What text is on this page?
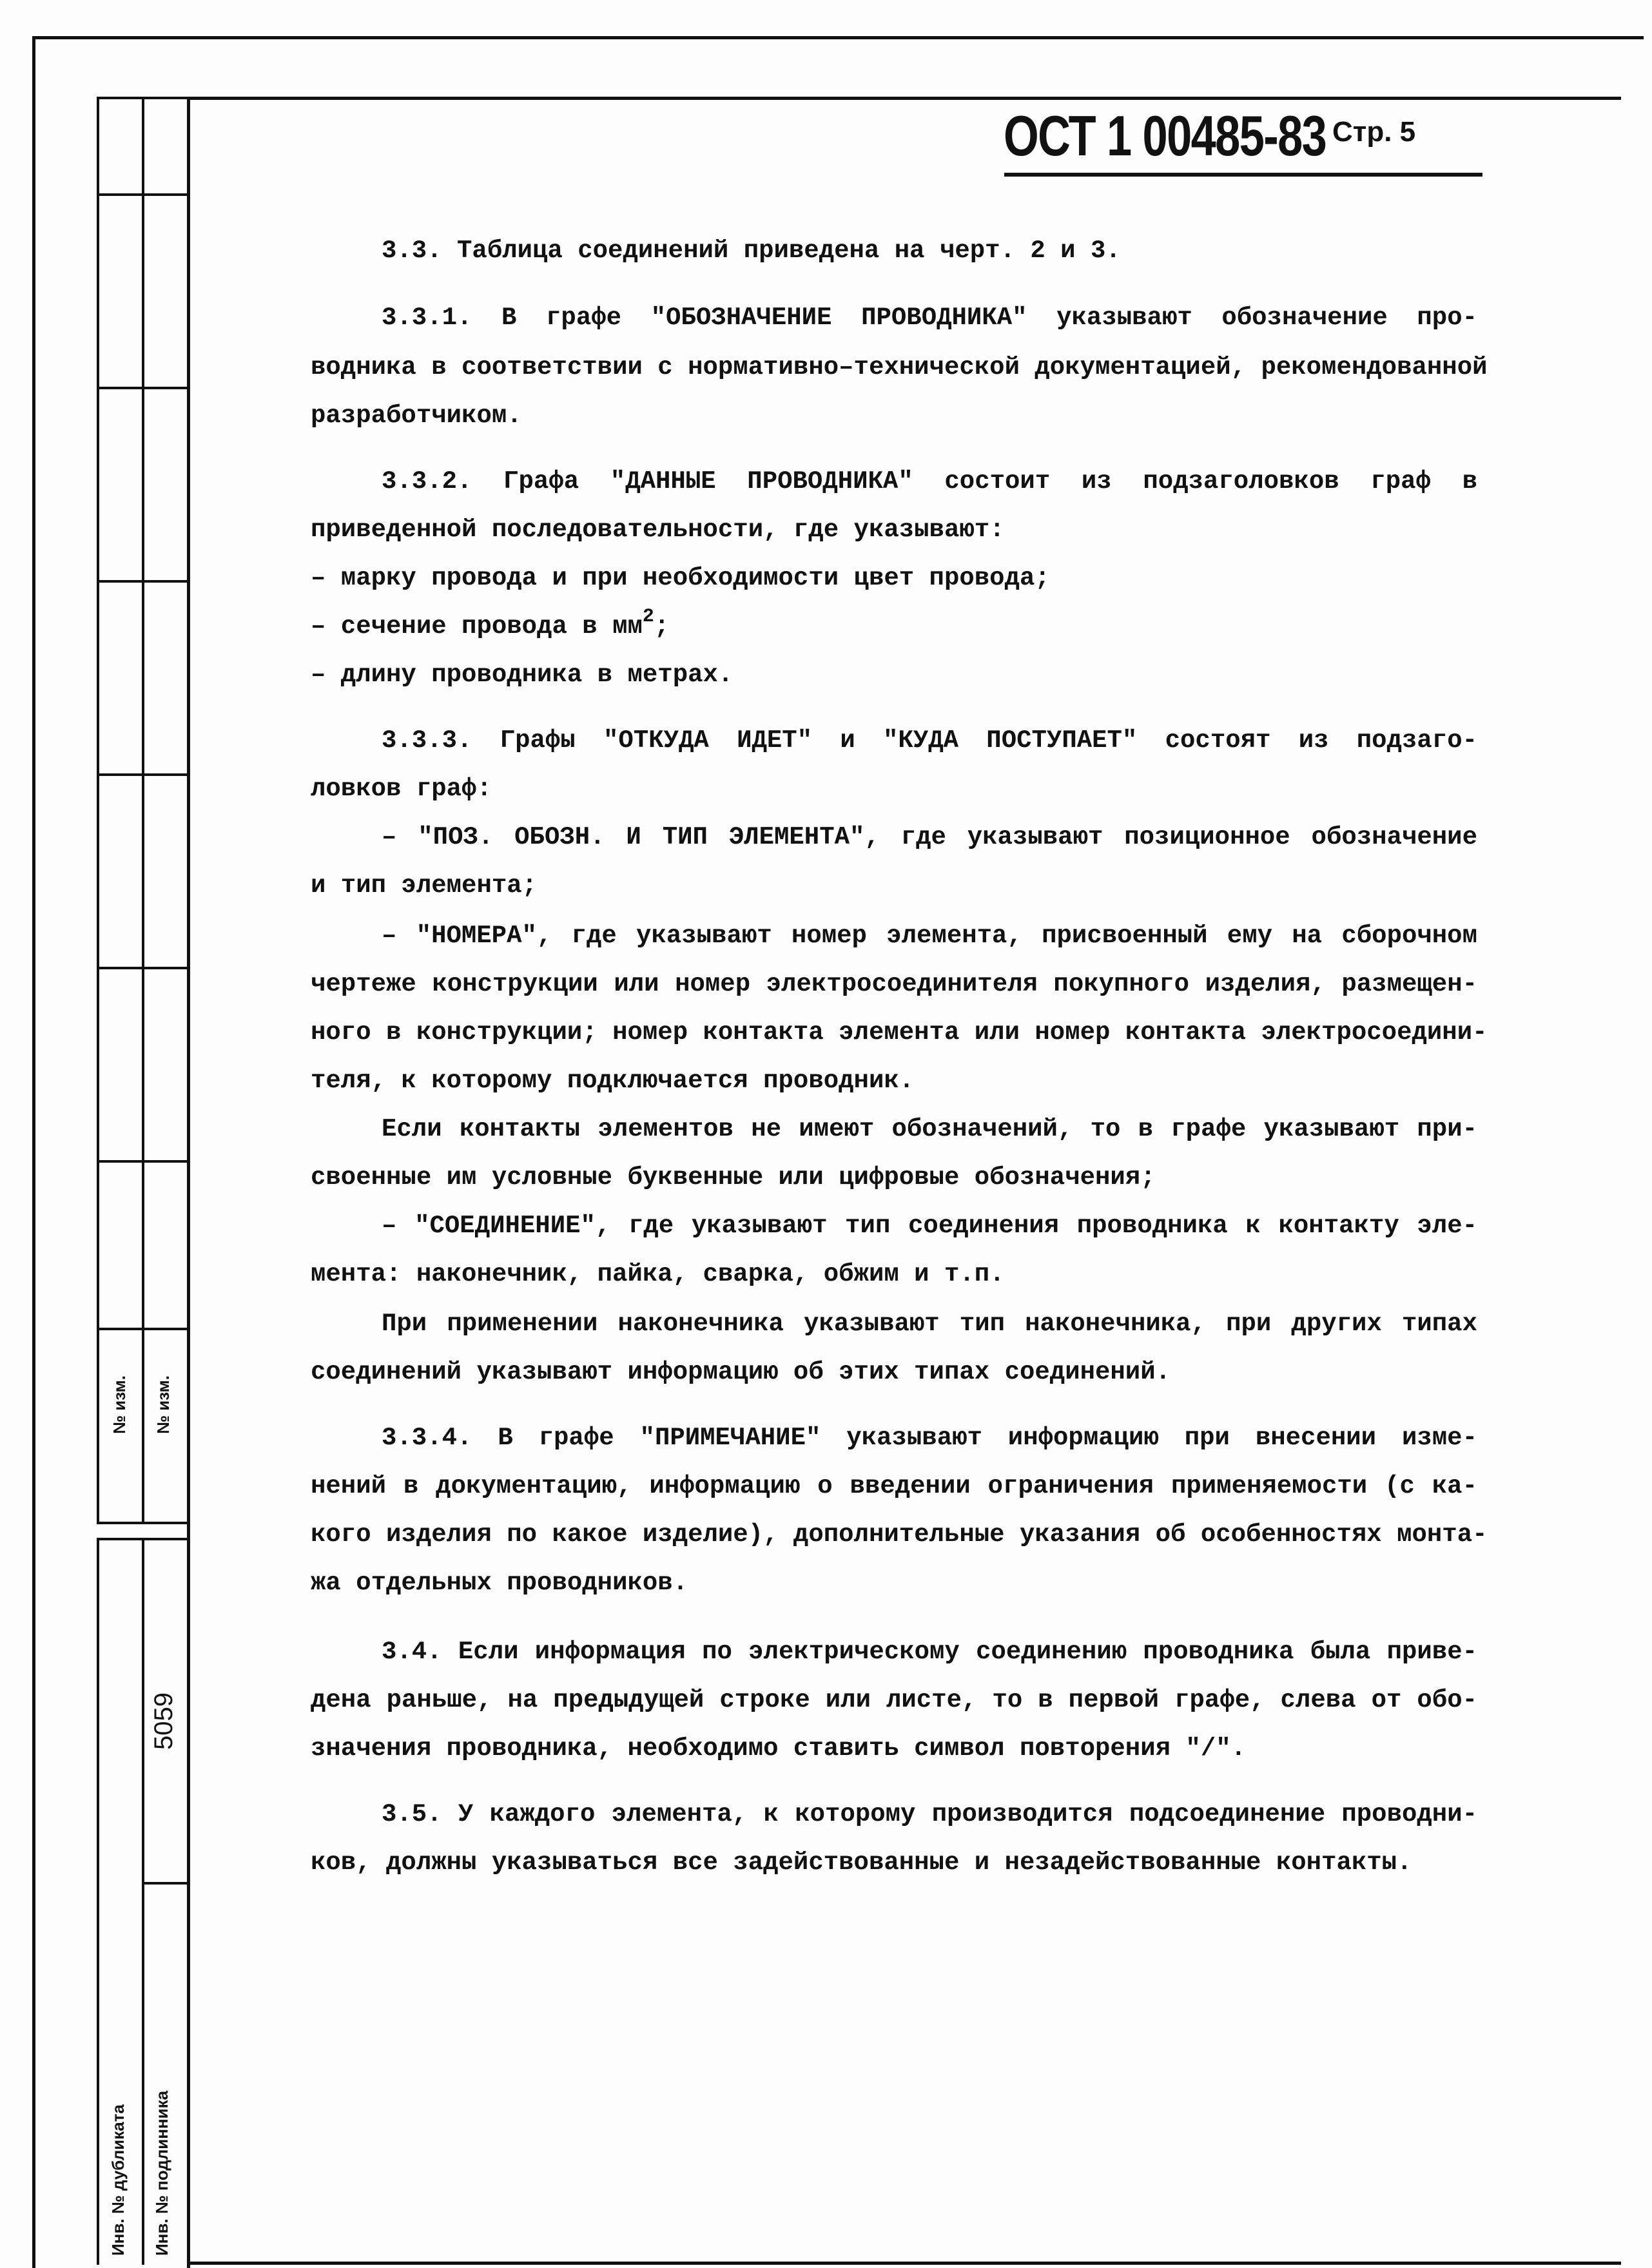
№ изм. № изм.
5059
Инв. № дубликата Инв. № подлинника
ОСТ 1 00485-83 Стр. 5
3.3. Таблица соединений приведена на черт. 2 и 3.
3.3.1. В графе "ОБОЗНАЧЕНИЕ ПРОВОДНИКА" указывают обозначение про-
водника в соответствии с нормативно–технической документацией, рекомендованной
разработчиком.
3.3.2. Графа "ДАННЫЕ ПРОВОДНИКА" состоит из подзаголовков граф в
приведенной последовательности, где указывают:
– марку провода и при необходимости цвет провода;
– сечение провода в $мм^2$;
– длину проводника в метрах.
3.3.3. Графы "ОТКУДА ИДЕТ" и "КУДА ПОСТУПАЕТ" состоят из подзаго-
ловков граф:
– "ПОЗ. ОБОЗН. И ТИП ЭЛЕМЕНТА", где указывают позиционное обозначение
и тип элемента;
– "НОМЕРА", где указывают номер элемента, присвоенный ему на сборочном
чертеже конструкции или номер электросоединителя покупного изделия, размещен-
ного в конструкции; номер контакта элемента или номер контакта электросоедини-
теля, к которому подключается проводник.
Если контакты элементов не имеют обозначений, то в графе указывают при-
своенные им условные буквенные или цифровые обозначения;
– "СОЕДИНЕНИЕ", где указывают тип соединения проводника к контакту эле-
мента: наконечник, пайка, сварка, обжим и т.п.
При применении наконечника указывают тип наконечника, при других типах
соединений указывают информацию об этих типах соединений.
3.3.4. В графе "ПРИМЕЧАНИЕ" указывают информацию при внесении изме-
нений в документацию, информацию о введении ограничения применяемости (с ка-
кого изделия по какое изделие), дополнительные указания об особенностях монта-
жа отдельных проводников.
3.4. Если информация по электрическому соединению проводника была приве-
дена раньше, на предыдущей строке или листе, то в первой графе, слева от обо-
значения проводника, необходимо ставить символ повторения "/".
3.5. У каждого элемента, к которому производится подсоединение проводни-
ков, должны указываться все задействованные и незадействованные контакты.
